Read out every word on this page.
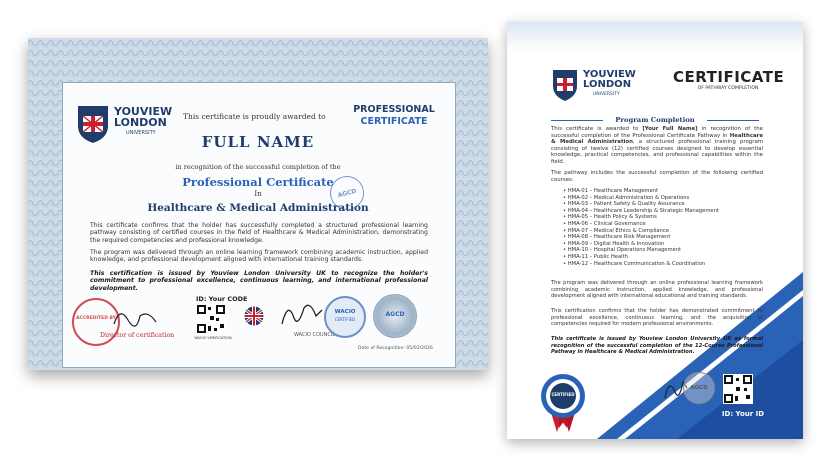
YOUVIEW
LONDON
UNIVERSITY
This certificate is proudly awarded to
PROFESSIONAL
CERTIFICATE
FULL NAME
in recognition of the successful completion of the
Professional Certificate
In
Healthcare & Medical Administration
AGCD
This certificate confirms that the holder has successfully completed a structured professional learning pathway consisting of certified courses in the field of Healthcare & Medical Administration, demonstrating the required competencies and professional knowledge.
The program was delivered through an online learning framework combining academic instruction, applied knowledge, and professional development aligned with international training standards.
This certification is issued by Youview London University UK to recognize the holder's commitment to professional excellence, continuous learning, and international professional development.
ACCREDITED BY
Director of certification
ID: Your CODE
WACIO VERIFICATION	WACIO COUNCIL
WACIO
CERTIFIED
AGCD
Date of Recognition: 05/02/2026
YOUVIEW
LONDON
UNIVERSITY
CERTIFICATE
OF PATHWAY COMPLETION
Program Completion
This certificate is awarded to [Your Full Name] in recognition of the successful completion of the Professional Certificate Pathway in Healthcare & Medical Administration, a structured professional training program consisting of twelve (12) certified courses designed to develop essential knowledge, practical competencies, and professional capabilities within the field.
The pathway includes the successful completion of the following certified courses:
• HMA-01 – Healthcare Management
• HMA-02 – Medical Administration & Operations
• HMA-03 – Patient Safety & Quality Assurance
• HMA-04 – Healthcare Leadership & Strategic Management
• HMA-05 – Health Policy & Systems
• HMA-06 – Clinical Governance
• HMA-07 – Medical Ethics & Compliance
• HMA-08 – Healthcare Risk Management
• HMA-09 – Digital Health & Innovation
• HMA-10 – Hospital Operations Management
• HMA-11 – Public Health
• HMA-12 – Healthcare Communication & Coordination
The program was delivered through an online professional learning framework combining academic instruction, applied knowledge, and professional development aligned with international educational and training standards.
This certification confirms that the holder has demonstrated commitment to professional excellence, continuous learning, and the acquisition of competencies required for modern professional environments.
This certificate is issued by Youview London University UK as formal recognition of the successful completion of the 12-Course Professional Pathway in Healthcare & Medical Administration.
CERTIFIED
AGCD
ID: Your ID
